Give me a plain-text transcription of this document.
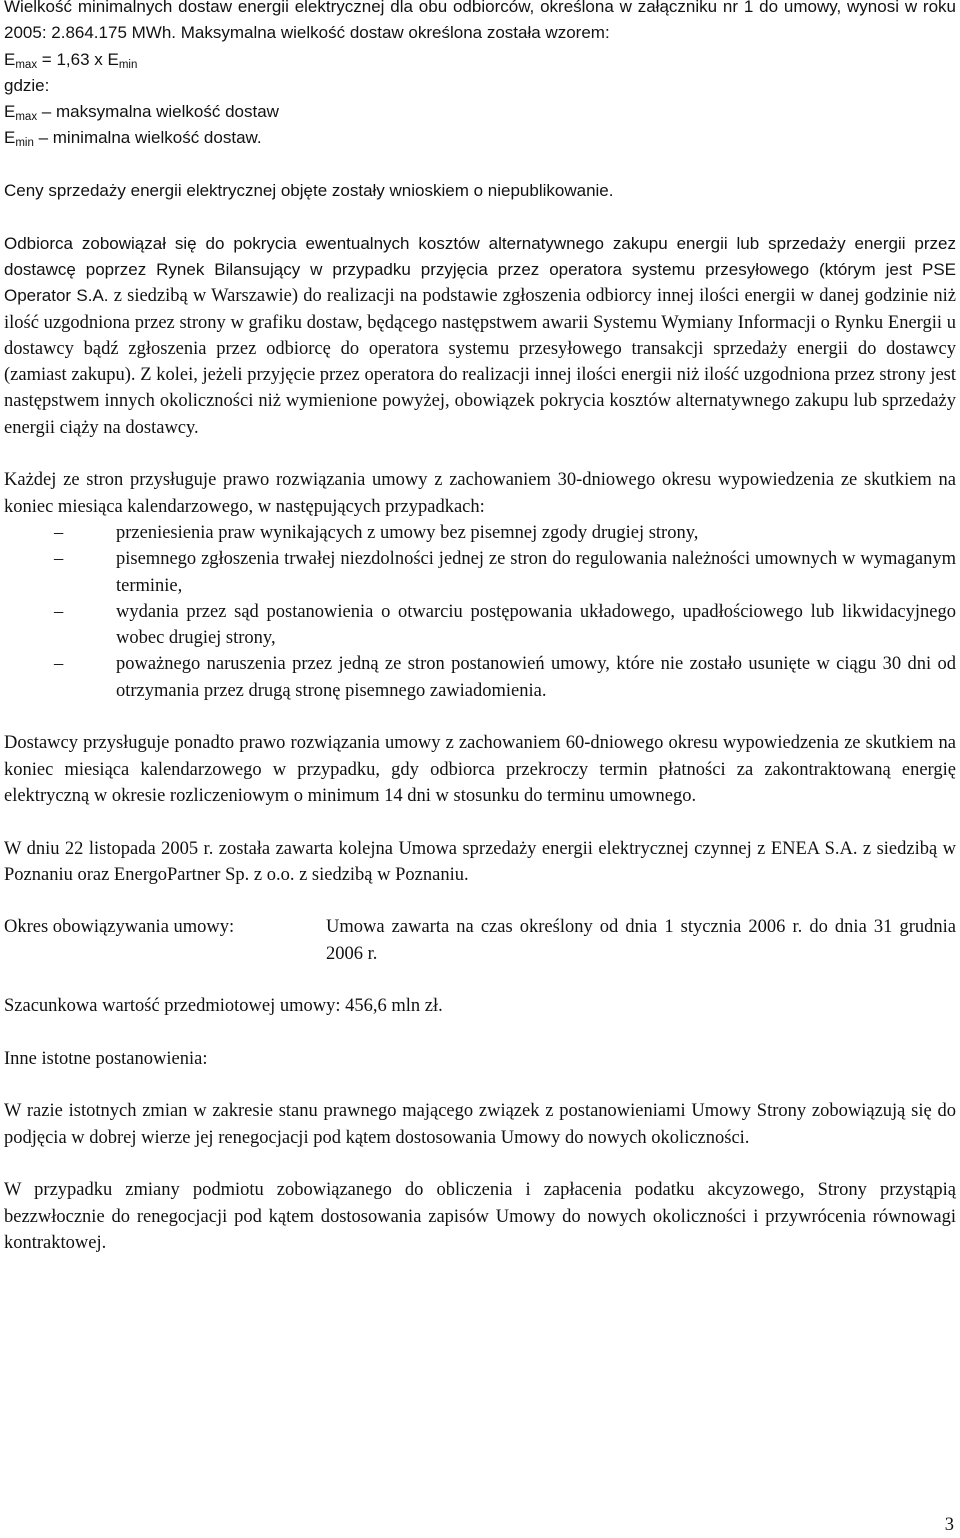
Wielkość minimalnych dostaw energii elektrycznej dla obu odbiorców, określona w załączniku nr 1 do umowy, wynosi w roku 2005: 2.864.175 MWh. Maksymalna wielkość dostaw określona została wzorem:

$E_{max} = 1,63$ x $E_{min}$

gdzie:

$E_{max}$ – maksymalna wielkość dostaw

$E_{min}$ – minimalna wielkość dostaw.

Ceny sprzedaży energii elektrycznej objęte zostały wnioskiem o niepublikowanie.

Odbiorca zobowiązał się do pokrycia ewentualnych kosztów alternatywnego zakupu energii lub sprzedaży energii przez dostawcę poprzez Rynek Bilansujący w przypadku przyjęcia przez operatora systemu przesyłowego (którym jest PSE Operator S.A. z siedzibą w Warszawie) do realizacji na podstawie zgłoszenia odbiorcy innej ilości energii w danej godzinie niż ilość uzgodniona przez strony w grafiku dostaw, będącego następstwem awarii Systemu Wymiany Informacji o Rynku Energii u dostawcy bądź zgłoszenia przez odbiorcę do operatora systemu przesyłowego transakcji sprzedaży energii do dostawcy (zamiast zakupu). Z kolei, jeżeli przyjęcie przez operatora do realizacji innej ilości energii niż ilość uzgodniona przez strony jest następstwem innych okoliczności niż wymienione powyżej, obowiązek pokrycia kosztów alternatywnego zakupu lub sprzedaży energii ciąży na dostawcy.

Każdej ze stron przysługuje prawo rozwiązania umowy z zachowaniem 30-dniowego okresu wypowiedzenia ze skutkiem na koniec miesiąca kalendarzowego, w następujących przypadkach:

–	przeniesienia praw wynikających z umowy bez pisemnej zgody drugiej strony,
–	pisemnego zgłoszenia trwałej niezdolności jednej ze stron do regulowania należności umownych w wymaganym terminie,
–	wydania przez sąd postanowienia o otwarciu postępowania układowego, upadłościowego lub likwidacyjnego wobec drugiej strony,
–	poważnego naruszenia przez jedną ze stron postanowień umowy, które nie zostało usunięte w ciągu 30 dni od otrzymania przez drugą stronę pisemnego zawiadomienia.

Dostawcy przysługuje ponadto prawo rozwiązania umowy z zachowaniem 60-dniowego okresu wypowiedzenia ze skutkiem na koniec miesiąca kalendarzowego w przypadku, gdy odbiorca przekroczy termin płatności za zakontraktowaną energię elektryczną w okresie rozliczeniowym o minimum 14 dni w stosunku do terminu umownego.

W dniu 22 listopada 2005 r. została zawarta kolejna Umowa sprzedaży energii elektrycznej czynnej z ENEA S.A. z siedzibą w Poznaniu oraz EnergoPartner Sp. z o.o. z siedzibą w Poznaniu.

Okres obowiązywania umowy:	Umowa zawarta na czas określony od dnia 1 stycznia 2006 r. do dnia 31 grudnia 2006 r.

Szacunkowa wartość przedmiotowej umowy: 456,6 mln zł.

Inne istotne postanowienia:

W razie istotnych zmian w zakresie stanu prawnego mającego związek z postanowieniami Umowy Strony zobowiązują się do podjęcia w dobrej wierze jej renegocjacji pod kątem dostosowania Umowy do nowych okoliczności.

W przypadku zmiany podmiotu zobowiązanego do obliczenia i zapłacenia podatku akcyzowego, Strony przystąpią bezzwłocznie do renegocjacji pod kątem dostosowania zapisów Umowy do nowych okoliczności i przywrócenia równowagi kontraktowej.

3
